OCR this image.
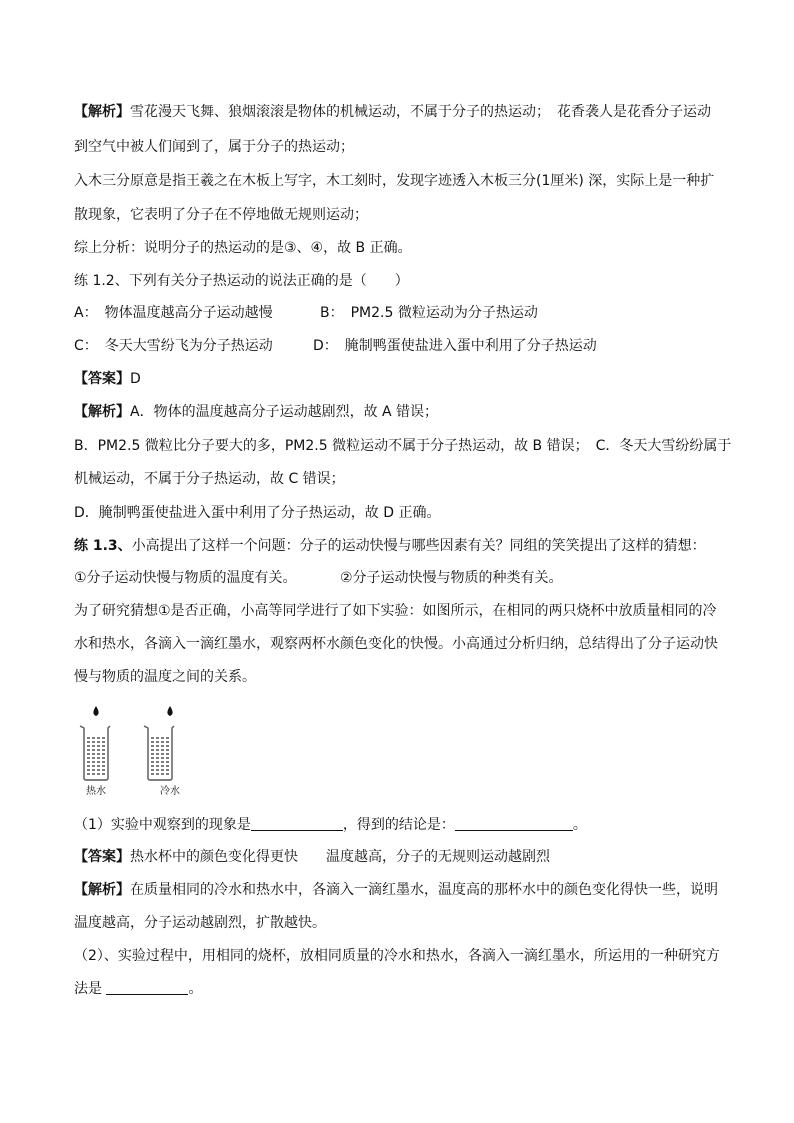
【解析】雪花漫天飞舞、狼烟滚滚是物体的机械运动，不属于分子的热运动；　花香袭人是花香分子运动
到空气中被人们闻到了，属于分子的热运动；
入木三分原意是指王羲之在木板上写字，木工刻时，发现字迹透入木板三分(1厘米) 深，实际上是一种扩
散现象，它表明了分子在不停地做无规则运动；
综上分析：说明分子的热运动的是③、④，故 B 正确。
练 1.2、下列有关分子热运动的说法正确的是（　　）
A：　物体温度越高分子运动越慢	B：　PM2.5 微粒运动为分子热运动
C：　冬天大雪纷飞为分子热运动	D：　腌制鸭蛋使盐进入蛋中利用了分子热运动
【答案】D
【解析】A．物体的温度越高分子运动越剧烈，故 A 错误；
B．PM2.5 微粒比分子要大的多，PM2.5 微粒运动不属于分子热运动，故 B 错误；　C．冬天大雪纷纷属于
机械运动，不属于分子热运动，故 C 错误；
D．腌制鸭蛋使盐进入蛋中利用了分子热运动，故 D 正确。
练 1.3、小高提出了这样一个问题：分子的运动快慢与哪些因素有关？同组的笑笑提出了这样的猜想：
①分子运动快慢与物质的温度有关。	②分子运动快慢与物质的种类有关。
为了研究猜想①是否正确，小高等同学进行了如下实验：如图所示，在相同的两只烧杯中放质量相同的冷
水和热水，各滴入一滴红墨水，观察两杯水颜色变化的快慢。小高通过分析归纳，总结得出了分子运动快
慢与物质的温度之间的关系。
热水	冷水
（1）实验中观察到的现象是	，得到的结论是：	。
【答案】热水杯中的颜色变化得更快　　温度越高，分子的无规则运动越剧烈
【解析】在质量相同的冷水和热水中，各滴入一滴红墨水，温度高的那杯水中的颜色变化得快一些，说明
温度越高，分子运动越剧烈，扩散越快。
（2）、实验过程中，用相同的烧杯，放相同质量的冷水和热水，各滴入一滴红墨水，所运用的一种研究方
法是	。
